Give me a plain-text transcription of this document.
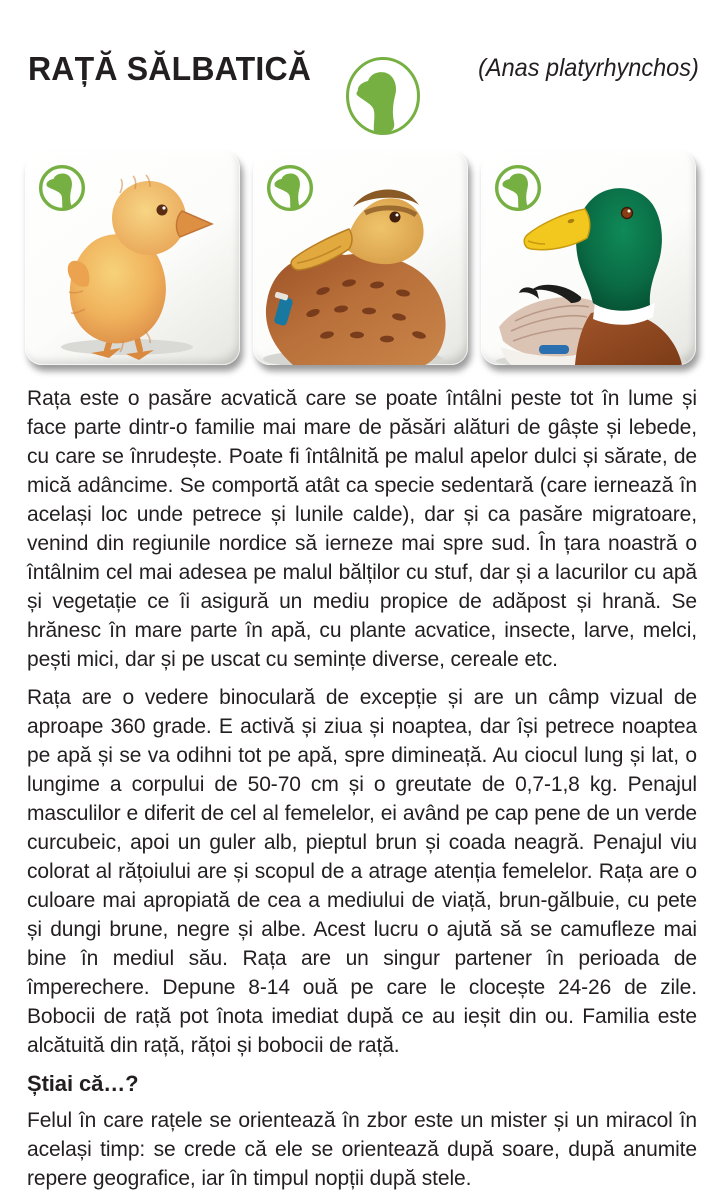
RAȚĂ SĂLBATICĂ	(Anas platyrhynchos)

Rața este o pasăre acvatică care se poate întâlni peste tot în lume și face parte dintr-o familie mai mare de păsări alături de gâște și lebede, cu care se înrudește. Poate fi întâlnită pe malul apelor dulci și sărate, de mică adâncime. Se comportă atât ca specie sedentară (care iernează în același loc unde petrece și lunile calde), dar și ca pasăre migratoare, venind din regiunile nordice să ierneze mai spre sud. În țara noastră o întâlnim cel mai adesea pe malul bălților cu stuf, dar și a lacurilor cu apă și vegetație ce îi asigură un mediu propice de adăpost și hrană. Se hrănesc în mare parte în apă, cu plante acvatice, insecte, larve, melci, pești mici, dar și pe uscat cu semințe diverse, cereale etc.

Rața are o vedere binoculară de excepție și are un câmp vizual de aproape 360 grade. E activă și ziua și noaptea, dar își petrece noaptea pe apă și se va odihni tot pe apă, spre dimineață. Au ciocul lung și lat, o lungime a corpului de 50-70 cm și o greutate de 0,7-1,8 kg. Penajul masculilor e diferit de cel al femelelor, ei având pe cap pene de un verde curcubeic, apoi un guler alb, pieptul brun și coada neagră. Penajul viu colorat al rățoiului are și scopul de a atrage atenția femelelor. Rața are o culoare mai apropiată de cea a mediului de viață, brun-gălbuie, cu pete și dungi brune, negre și albe. Acest lucru o ajută să se camufleze mai bine în mediul său. Rața are un singur partener în perioada de împerechere. Depune 8-14 ouă pe care le clocește 24-26 de zile. Bobocii de rață pot înota imediat după ce au ieșit din ou. Familia este alcătuită din rață, rățoi și bobocii de rață.

Știai că…?

Felul în care rațele se orientează în zbor este un mister și un miracol în același timp: se crede că ele se orientează după soare, după anumite repere geografice, iar în timpul nopții după stele.
